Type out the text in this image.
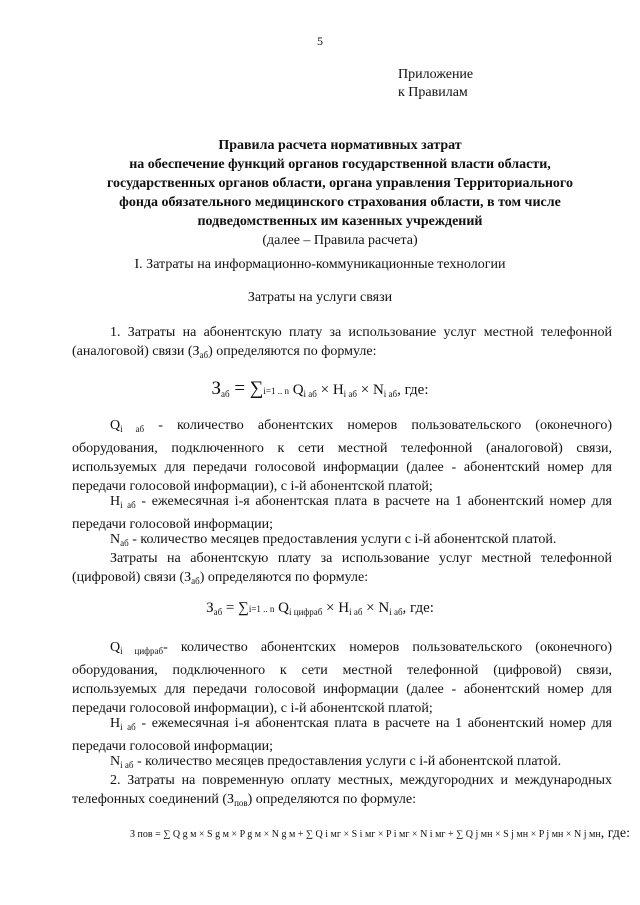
5
Приложение
к Правилам
Правила расчета нормативных затрат
на обеспечение функций органов государственной власти области,
государственных органов области, органа управления Территориального
фонда обязательного медицинского страхования области, в том числе
подведомственных им казенных учреждений
(далее – Правила расчета)
I. Затраты на информационно-коммуникационные технологии
Затраты на услуги связи
1. Затраты на абонентскую плату за использование услуг местной телефонной (аналоговой) связи $(З_{аб})$ определяются по формуле:
$З_{аб} = \sum i=1$ .. n $Q_{i аб} \times H_{i аб} \times N_{i аб}$, где:
$Q_{i аб}$ - количество абонентских номеров пользовательского (оконечного) оборудования, подключенного к сети местной телефонной (аналоговой) связи, используемых для передачи голосовой информации (далее - абонентский номер для передачи голосовой информации), с i-й абонентской платой;
$H_{i аб}$ - ежемесячная i-я абонентская плата в расчете на 1 абонентский номер для передачи голосовой информации;
$N_{аб}$ - количество месяцев предоставления услуги с i-й абонентской платой.
Затраты на абонентскую плату за использование услуг местной телефонной (цифровой) связи $(З_{аб})$ определяются по формуле:
$З_{аб} = \sum i=1$ .. n $Q_{i цифраб} \times H_{i аб} \times N_{i аб}$, где:
$Q_{i цифраб}-$ количество абонентских номеров пользовательского (оконечного) оборудования, подключенного к сети местной телефонной (цифровой) связи, используемых для передачи голосовой информации (далее - абонентский номер для передачи голосовой информации), с i-й абонентской платой;
$H_{i аб}$ - ежемесячная i-я абонентская плата в расчете на 1 абонентский номер для передачи голосовой информации;
$N_{i аб}$ - количество месяцев предоставления услуги с i-й абонентской платой.
2. Затраты на повременную оплату местных, междугородних и международных телефонных соединений $(З_{пов})$ определяются по формуле:
З пов = ∑ Q g м × S g м × P g м × N g м + ∑ Q i мг × S i мг × P i мг × N i мг + ∑ Q j мн × S j мн × P j мн × N j мн, где:
